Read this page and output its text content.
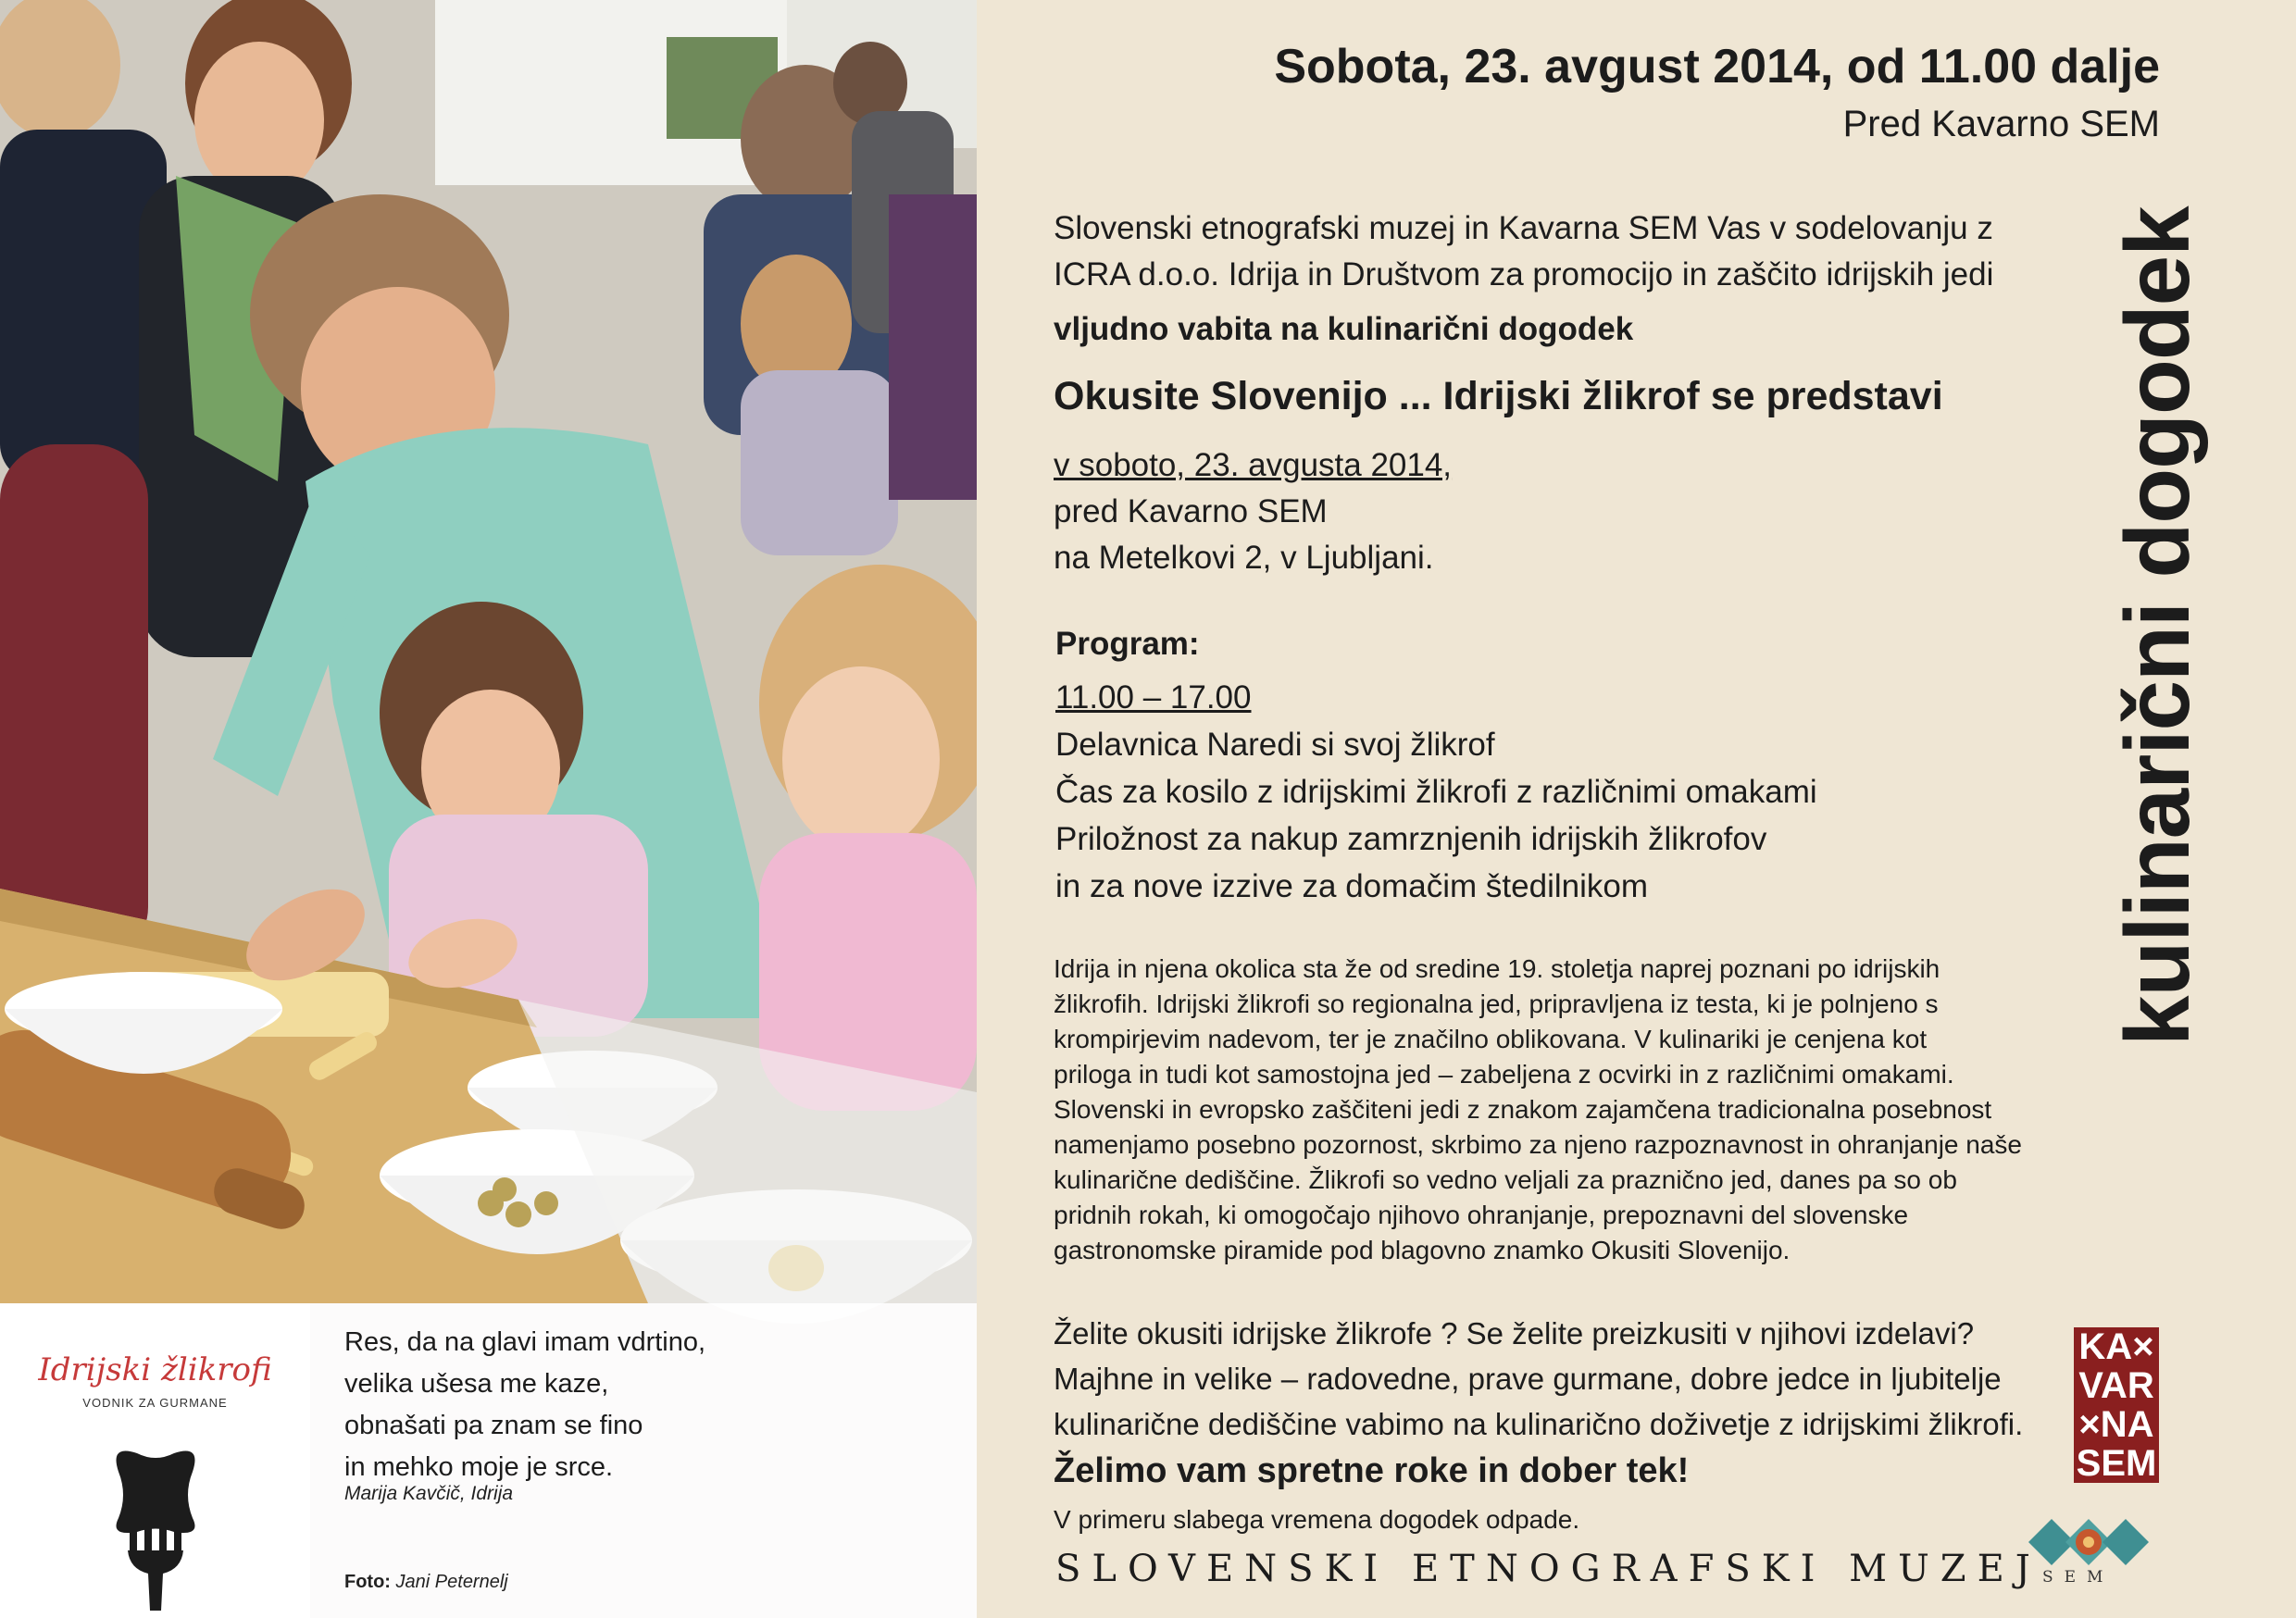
Idrijski žlikrofi
VODNIK ZA GURMANE
Res, da na glavi imam vdrtino,
velika ušesa me kaze,
obnašati pa znam se fino
in mehko moje je srce.
Marija Kavčič, Idrija
Foto: Jani Peternelj
Sobota, 23. avgust 2014, od 11.00 dalje
Pred Kavarno SEM
Slovenski etnografski muzej in Kavarna SEM Vas v sodelovanju z
ICRA d.o.o. Idrija in Društvom za promocijo in zaščito idrijskih jedi
vljudno vabita na kulinarični dogodek
Okusite Slovenijo ... Idrijski žlikrof se predstavi
v soboto, 23. avgusta 2014,
pred Kavarno SEM
na Metelkovi 2, v Ljubljani.
Program:
11.00 – 17.00
Delavnica Naredi si svoj žlikrof
Čas za kosilo z idrijskimi žlikrofi z različnimi omakami
Priložnost za nakup zamrznjenih idrijskih žlikrofov
in za nove izzive za domačim štedilnikom
Idrija in njena okolica sta že od sredine 19. stoletja naprej poznani po idrijskih
žlikrofih. Idrijski žlikrofi so regionalna jed, pripravljena iz testa, ki je polnjeno s
krompirjevim nadevom, ter je značilno oblikovana. V kulinariki je cenjena kot
priloga in tudi kot samostojna jed – zabeljena z ocvirki in z različnimi omakami.
Slovenski in evropsko zaščiteni jedi z znakom zajamčena tradicionalna posebnost
namenjamo posebno pozornost, skrbimo za njeno razpoznavnost in ohranjanje naše
kulinarične dediščine. Žlikrofi so vedno veljali za praznično jed, danes pa so ob
pridnih rokah, ki omogočajo njihovo ohranjanje, prepoznavni del slovenske
gastronomske piramide pod blagovno znamko Okusiti Slovenijo.
Želite okusiti idrijske žlikrofe ? Se želite preizkusiti v njihovi izdelavi?
Majhne in velike – radovedne, prave gurmane, dobre jedce in ljubitelje
kulinarične dediščine vabimo na kulinarično doživetje z idrijskimi žlikrofi.
Želimo vam spretne roke in dober tek!
V primeru slabega vremena dogodek odpade.
SLOVENSKI ETNOGRAFSKI MUZEJ
kulinarični dogodek
KA×
VAR
×NA
SEM
SEM
